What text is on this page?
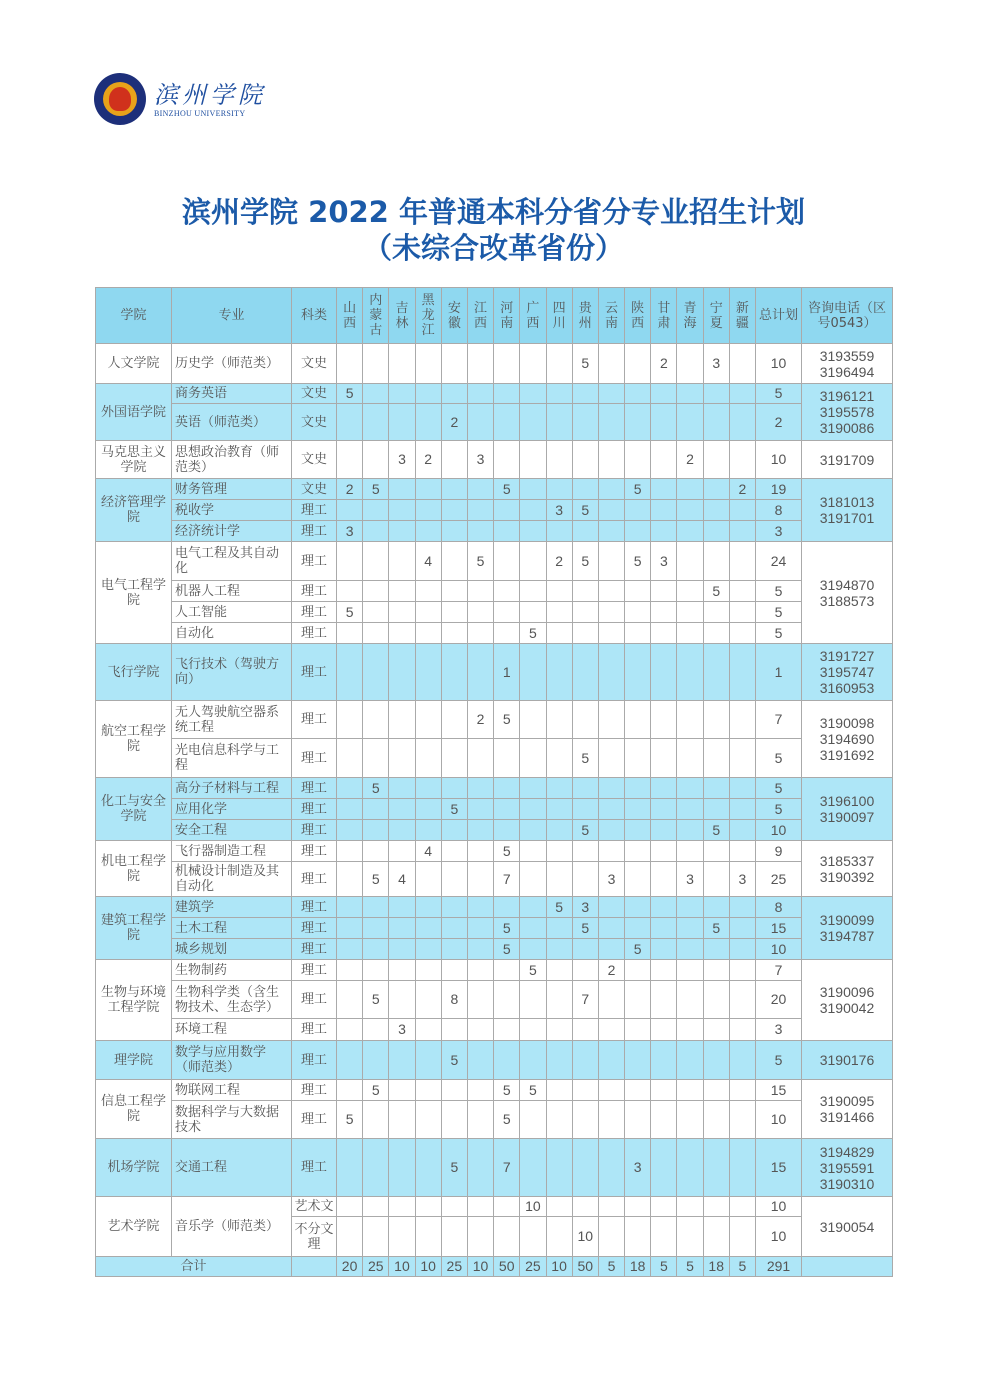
滨州学院
BINZHOU UNIVERSITY
滨州学院 2022 年普通本科分省分专业招生计划
（未综合改革省份）
学院	专业	科类	山西	内蒙古	吉林	黑龙江	安徽	江西	河南	广西	四川	贵州	云南	陕西	甘肃	青海	宁夏	新疆	总计划	咨询电话（区号0543）
人文学院	历史学（师范类）	文史										5			2		3		10	3193559
3196494

外国语学院	商务英语	文史	5																5	3196121
3195578
3190086

	英语（师范类）	文史					2												2	
马克思主义学院	思想政治教育（师范类）	文史			3	2		3								2			10	3191709

经济管理学院	财务管理	文史	2	5					5					5				2	19	3181013
3191701

	税收学	理工									3	5							8	
	经济统计学	理工	3																3	
电气工程学院	电气工程及其自动化	理工				4		5			2	5		5	3				24	3194870
3188573

	机器人工程	理工															5		5	
	人工智能	理工	5																5	
	自动化	理工								5									5	
飞行学院	飞行技术（驾驶方向）	理工							1										1	3191727
3195747
3160953

航空工程学院	无人驾驶航空器系统工程	理工						2	5										7	3190098
3194690
3191692

	光电信息科学与工程	理工										5							5	
化工与安全学院	高分子材料与工程	理工		5															5	3196100
3190097

	应用化学	理工					5												5	
	安全工程	理工										5					5		10	
机电工程学院	飞行器制造工程	理工				4			5										9	3185337
3190392

	机械设计制造及其自动化	理工		5	4				7				3			3		3	25	
建筑工程学院	建筑学	理工									5	3							8	3190099
3194787

	土木工程	理工							5			5					5		15	
	城乡规划	理工							5					5					10	
生物与环境工程学院	生物制药	理工								5			2						7	3190096
3190042

	生物科学类（含生物技术、生态学）	理工		5			8					7							20	
	环境工程	理工			3														3	
理学院	数学与应用数学（师范类）	理工					5												5	3190176

信息工程学院	物联网工程	理工		5					5	5									15	3190095
3191466

	数据科学与大数据技术	理工	5						5										10	
机场学院	交通工程	理工					5		7					3					15	3194829
3195591
3190310

艺术学院	音乐学（师范类）	艺术文								10									10	3190054

		不分文理										10							10	
合计			20	25	10	10	25	10	50	25	10	50	5	18	5	5	18	5	291	
